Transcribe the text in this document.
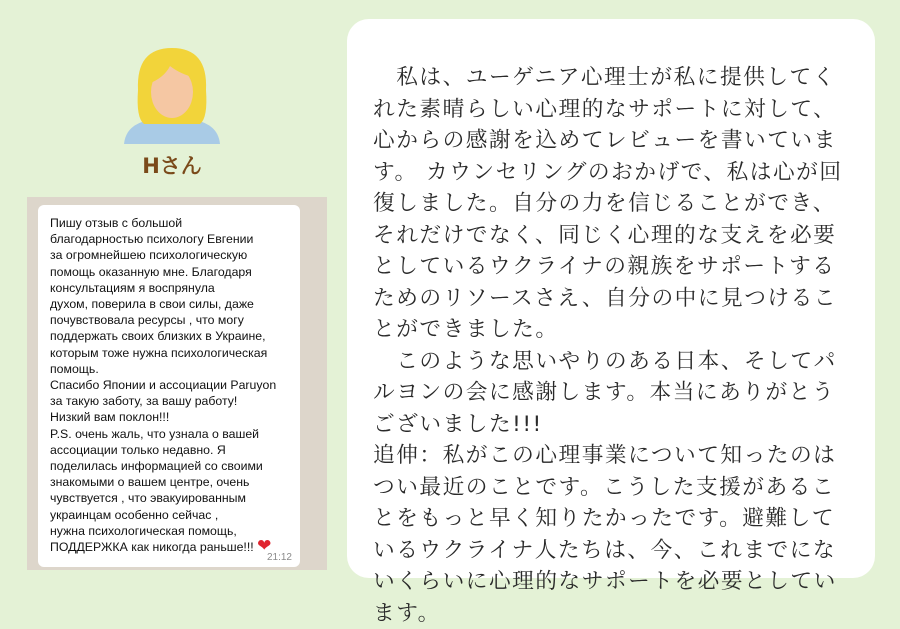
Hさん
Пишу отзыв с большой
благодарностью психологу Евгении
за огромнейшею психологическую
помощь оказанную мне. Благодаря
консультациям я воспрянула
духом, поверила в свои силы, даже
почувствовала ресурсы , что могу
поддержать своих близких в Украине,
которым тоже нужна психологическая
помощь.
Спасибо Японии и ассоциации Paruyon
за такую заботу, за вашу работу!
Низкий вам поклон!!!
P.S. очень жаль, что узнала о вашей
ассоциации только недавно. Я
поделилась информацией со своими
знакомыми о вашем центре, очень
чувствуется , что эвакуированным
украинцам особенно сейчас ,
нужна психологическая помощь,
ПОДДЕРЖКА как никогда раньше!!! ❤
21:12

　私は、ユーゲニア心理士が私に提供してくれた素晴らしい心理的なサポートに対して、心からの感謝を込めてレビューを書いています。 カウンセリングのおかげで、私は心が回復しました。自分の力を信じることができ、それだけでなく、同じく心理的な支えを必要としているウクライナの親族をサポートするためのリソースさえ、自分の中に見つけることができました。

　このような思いやりのある日本、そしてパルヨンの会に感謝します。本当にありがとうございました!!!

追伸：私がこの心理事業について知ったのはつい最近のことです。こうした支援があることをもっと早く知りたかったです。避難しているウクライナ人たちは、今、これまでにないくらいに心理的なサポートを必要としています。
